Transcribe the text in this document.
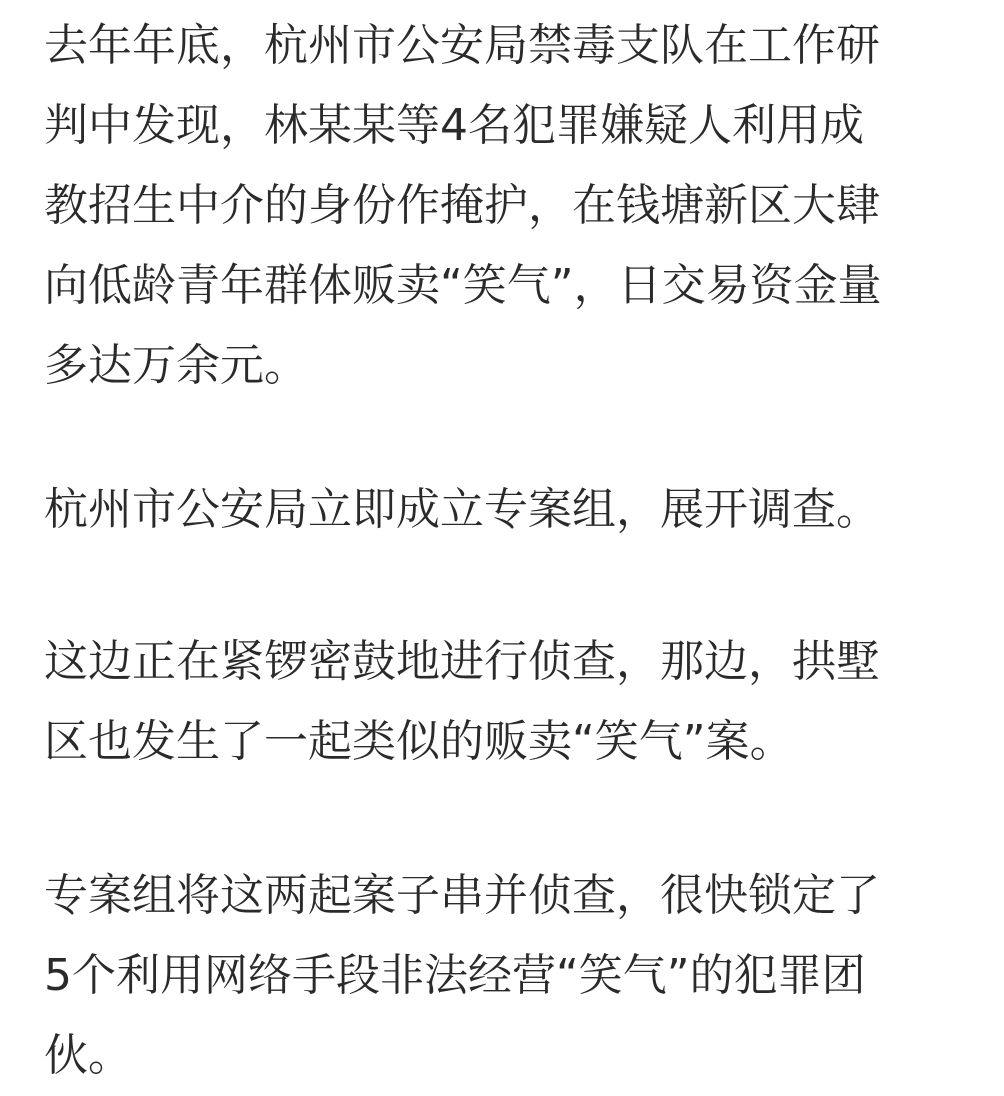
去年年底，杭州市公安局禁毒支队在工作研
判中发现，林某某等4名犯罪嫌疑人利用成
教招生中介的身份作掩护，在钱塘新区大肆
向低龄青年群体贩卖“笑气”，日交易资金量
多达万余元。
杭州市公安局立即成立专案组，展开调查。
这边正在紧锣密鼓地进行侦查，那边，拱墅
区也发生了一起类似的贩卖“笑气”案。
专案组将这两起案子串并侦查，很快锁定了
5个利用网络手段非法经营“笑气”的犯罪团
伙。
